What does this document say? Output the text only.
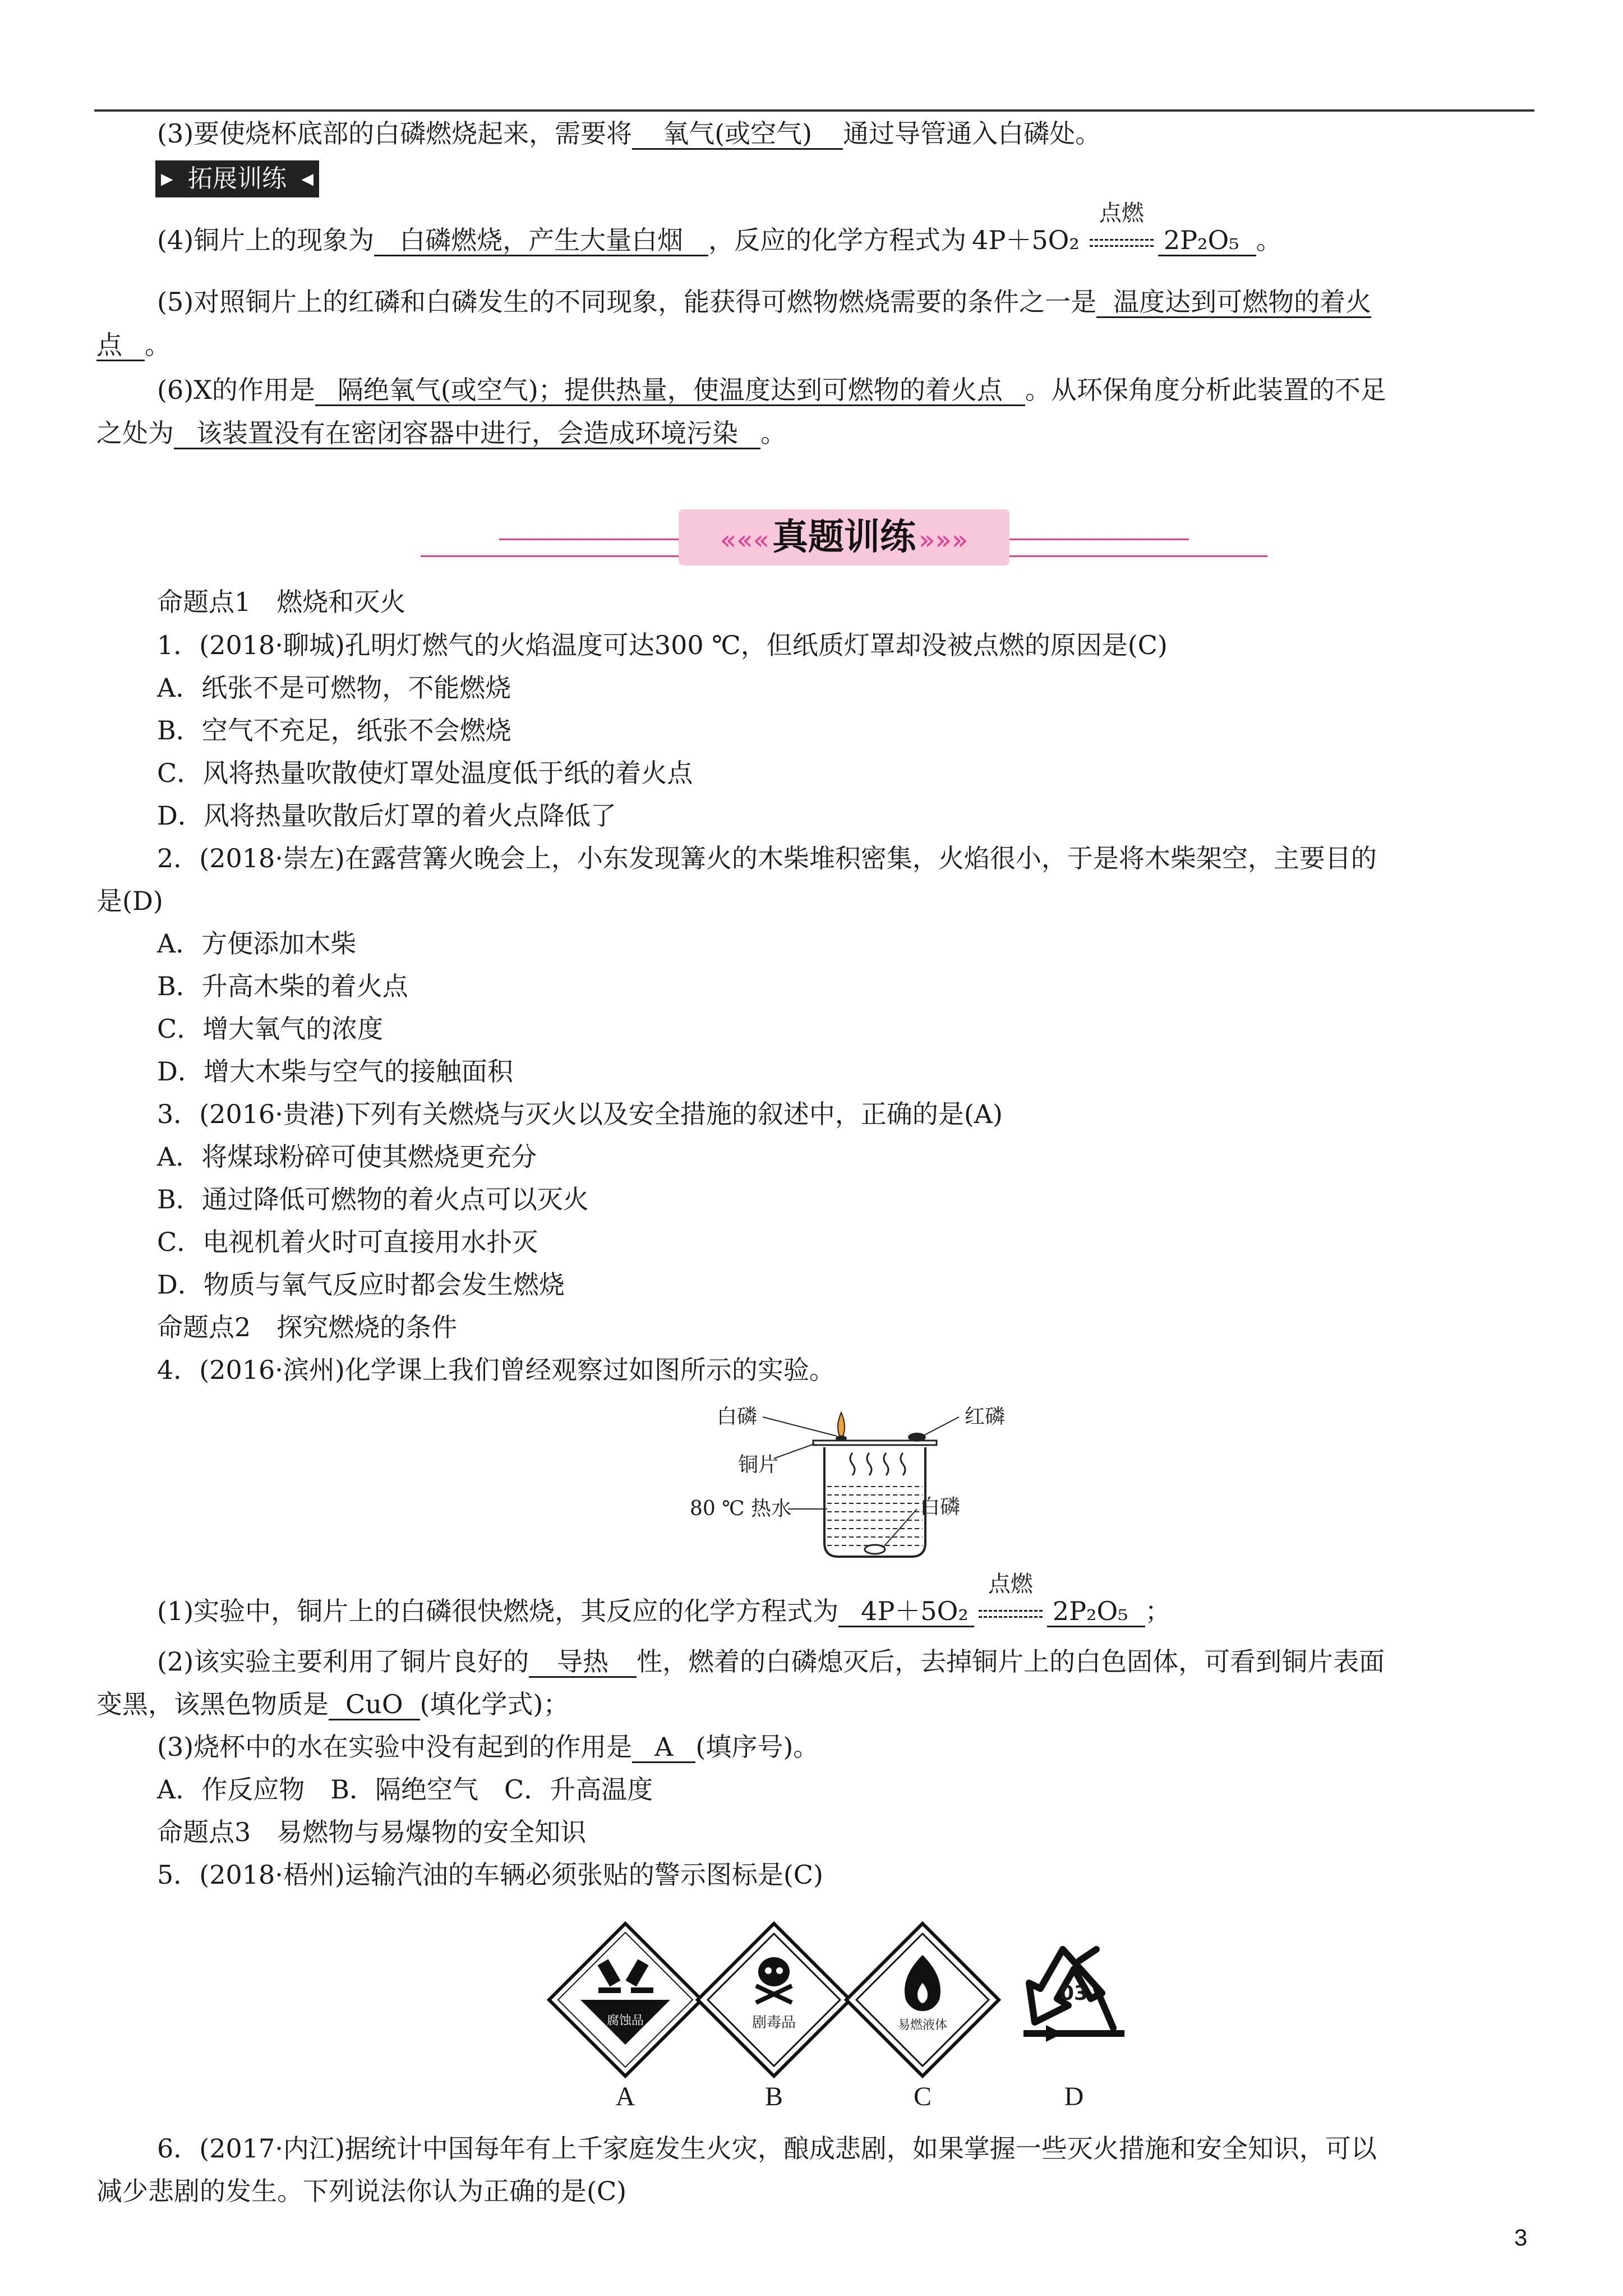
(3)要使烧杯底部的白磷燃烧起来，需要将 氧气(或空气) 通过导管通入白磷处。
▶ 拓展训练 ◀
(4)铜片上的现象为 白磷燃烧，产生大量白烟 ，反应的化学方程式为 4P＋5O₂
点燃
2P₂O₅ 。
(5)对照铜片上的红磷和白磷发生的不同现象，能获得可燃物燃烧需要的条件之一是 温度达到可燃物的着火
点 。
(6)X的作用是 隔绝氧气(或空气)；提供热量，使温度达到可燃物的着火点 。从环保角度分析此装置的不足
之处为 该装置没有在密闭容器中进行，会造成环境污染 。
««« 真题训练 »»»
命题点1　燃烧和灭火
1．(2018·聊城)孔明灯燃气的火焰温度可达300 ℃，但纸质灯罩却没被点燃的原因是(C)
A．纸张不是可燃物，不能燃烧
B．空气不充足，纸张不会燃烧
C．风将热量吹散使灯罩处温度低于纸的着火点
D．风将热量吹散后灯罩的着火点降低了
2．(2018·崇左)在露营篝火晚会上，小东发现篝火的木柴堆积密集，火焰很小，于是将木柴架空，主要目的
是(D)
A．方便添加木柴
B．升高木柴的着火点
C．增大氧气的浓度
D．增大木柴与空气的接触面积
3．(2016·贵港)下列有关燃烧与灭火以及安全措施的叙述中，正确的是(A)
A．将煤球粉碎可使其燃烧更充分
B．通过降低可燃物的着火点可以灭火
C．电视机着火时可直接用水扑灭
D．物质与氧气反应时都会发生燃烧
命题点2　探究燃烧的条件
4．(2016·滨州)化学课上我们曾经观察过如图所示的实验。
白磷	红磷
铜片
80 ℃ 热水	白磷
(1)实验中，铜片上的白磷很快燃烧，其反应的化学方程式为 4P＋5O₂
点燃
2P₂O₅ ；
(2)该实验主要利用了铜片良好的 导热 性，燃着的白磷熄灭后，去掉铜片上的白色固体，可看到铜片表面
变黑，该黑色物质是 CuO (填化学式)；
(3)烧杯中的水在实验中没有起到的作用是 A (填序号)。
A．作反应物　B．隔绝空气　C．升高温度
命题点3　易燃物与易爆物的安全知识
5．(2018·梧州)运输汽油的车辆必须张贴的警示图标是(C)
腐蚀品	剧毒品	易燃液体
03
A	B	C	D
6．(2017·内江)据统计中国每年有上千家庭发生火灾，酿成悲剧，如果掌握一些灭火措施和安全知识，可以
减少悲剧的发生。下列说法你认为正确的是(C)
3
